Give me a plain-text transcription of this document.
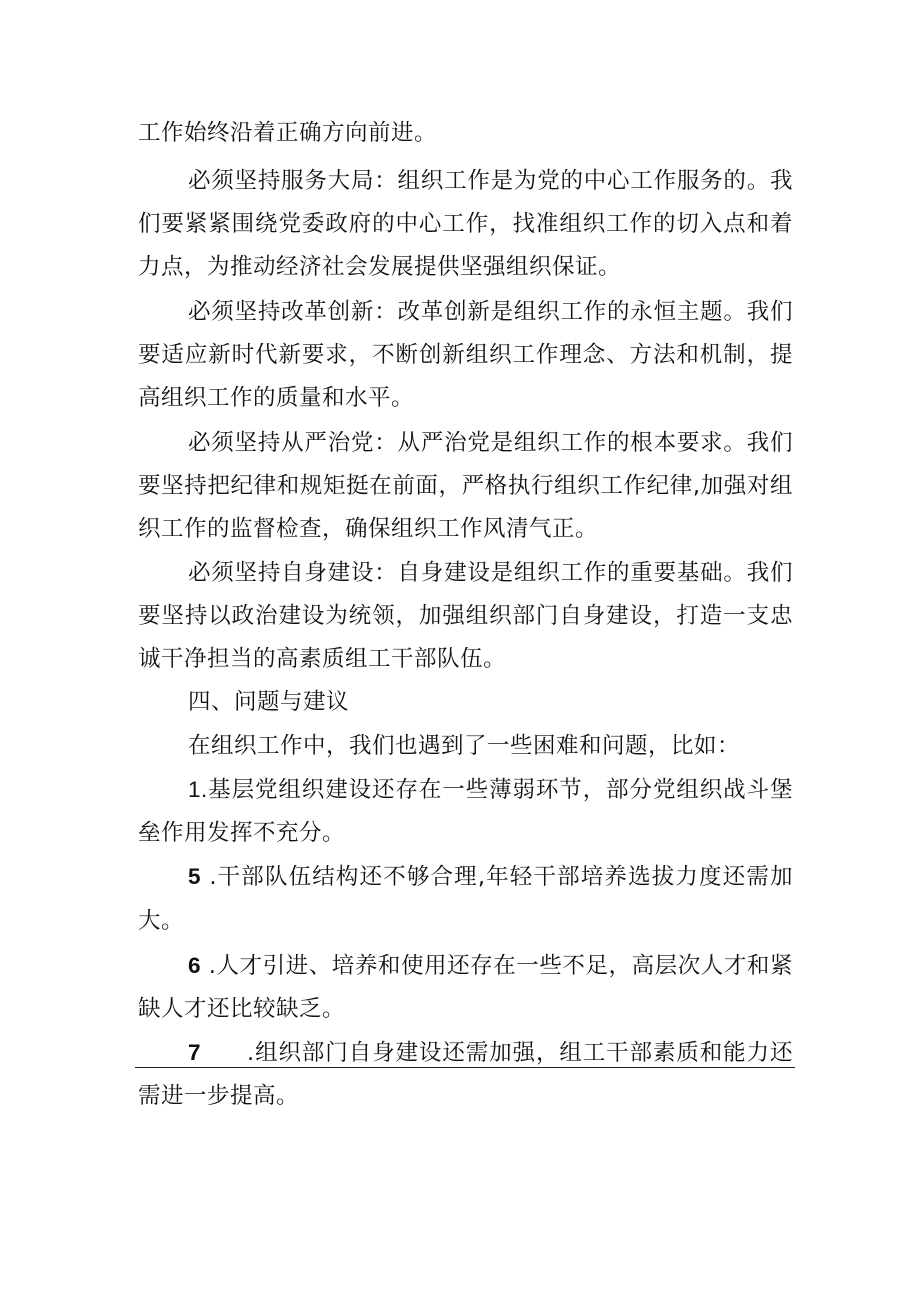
工作始终沿着正确方向前进。
必须坚持服务大局：组织工作是为党的中心工作服务的。我
们要紧紧围绕党委政府的中心工作，找准组织工作的切入点和着
力点，为推动经济社会发展提供坚强组织保证。
必须坚持改革创新：改革创新是组织工作的永恒主题。我们
要适应新时代新要求，不断创新组织工作理念、方法和机制，提
高组织工作的质量和水平。
必须坚持从严治党：从严治党是组织工作的根本要求。我们
要坚持把纪律和规矩挺在前面，严格执行组织工作纪律,加强对组
织工作的监督检查，确保组织工作风清气正。
必须坚持自身建设：自身建设是组织工作的重要基础。我们
要坚持以政治建设为统领，加强组织部门自身建设，打造一支忠
诚干净担当的高素质组工干部队伍。
四、问题与建议
在组织工作中，我们也遇到了一些困难和问题，比如：
1.基层党组织建设还存在一些薄弱环节，部分党组织战斗堡
垒作用发挥不充分。
5 .干部队伍结构还不够合理,年轻干部培养选拔力度还需加
大。
6 .人才引进、培养和使用还存在一些不足，高层次人才和紧
缺人才还比较缺乏。
7 .组织部门自身建设还需加强，组工干部素质和能力还
需进一步提高。
